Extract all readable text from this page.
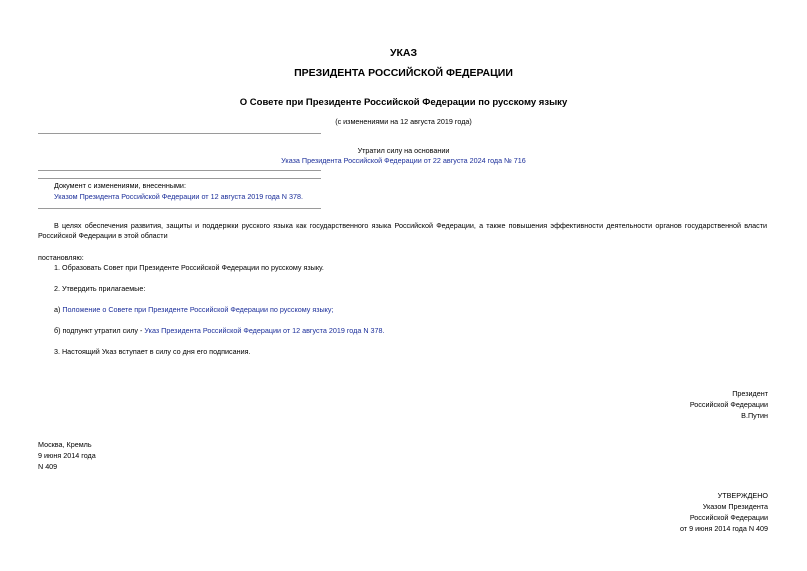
УКАЗ
ПРЕЗИДЕНТА РОССИЙСКОЙ ФЕДЕРАЦИИ
О Совете при Президенте Российской Федерации по русскому языку
(с изменениями на 12 августа 2019 года)
Утратил силу на основании
Указа Президента Российской Федерации от 22 августа 2024 года № 716
Документ с изменениями, внесенными:
Указом Президента Российской Федерации от 12 августа 2019 года N 378.
В целях обеспечения развития, защиты и поддержки русского языка как государственного языка Российской Федерации, а также повышения эффективности деятельности органов государственной власти Российской Федерации в этой области
постановляю:
1. Образовать Совет при Президенте Российской Федерации по русскому языку.
2. Утвердить прилагаемые:
а) Положение о Совете при Президенте Российской Федерации по русскому языку;
б) подпункт утратил силу - Указ Президента Российской Федерации от 12 августа 2019 года N 378.
3. Настоящий Указ вступает в силу со дня его подписания.
Президент
Российской Федерации
В.Путин
Москва, Кремль
9 июня 2014 года
N 409
УТВЕРЖДЕНО
Указом Президента
Российской Федерации
от 9 июня 2014 года N 409
